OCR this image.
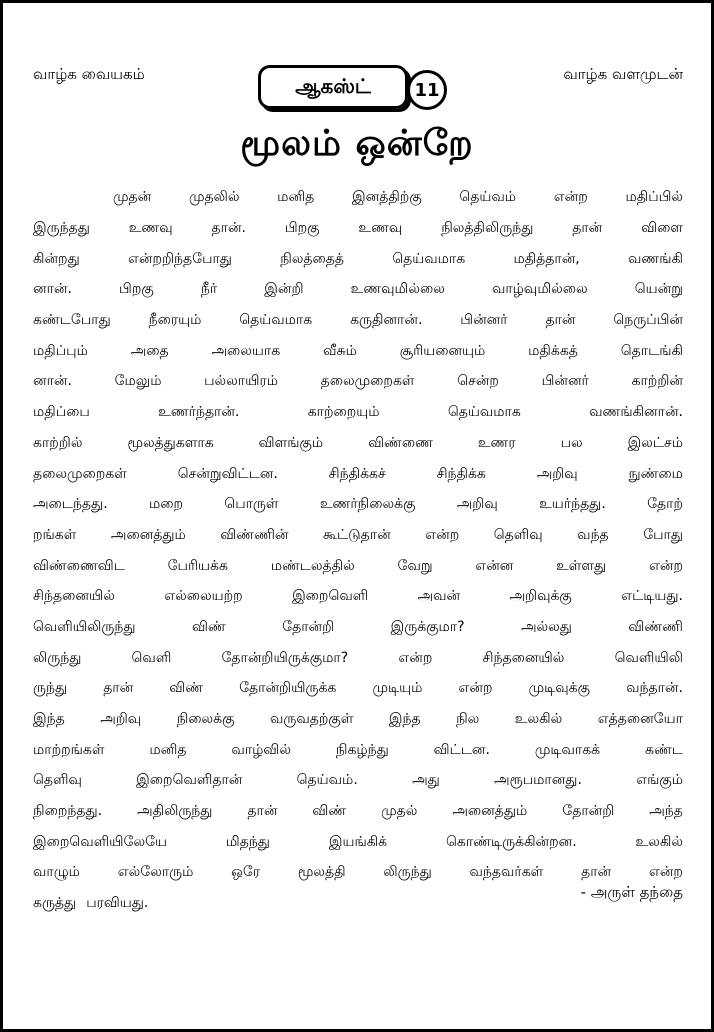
வாழ்க வையகம்	ஆகஸ்ட் 11
வாழ்க வளமுடன்
மூலம் ஒன்றே
முதன்	முதலில்	மனித	இனத்திற்கு	தெய்வம்	என்ற	மதிப்பில்
இருந்தது	உணவு	தான்.	பிறகு	உணவு	நிலத்திலிருந்து	தான்	விளை
கின்றது	என்றறிந்தபோது	நிலத்தைத்	தெய்வமாக	மதித்தான்,	வணங்கி
னான்.	பிறகு	நீர்	இன்றி	உணவுமில்லை	வாழ்வுமில்லை	யென்று
கண்டபோது	நீரையும்	தெய்வமாக	கருதினான்.	பின்னர்	தான்	நெருப்பின்
மதிப்பும்	அதை	அலையாக	வீசும்	சூரியனையும்	மதிக்கத்	தொடங்கி
னான்.	மேலும்	பல்லாயிரம்	தலைமுறைகள்	சென்ற	பின்னர்	காற்றின்
மதிப்பை	உணர்ந்தான்.	காற்றையும்	தெய்வமாக	வணங்கினான்.
காற்றில்	மூலத்துகளாக	விளங்கும்	விண்ணை	உணர	பல	இலட்சம்
தலைமுறைகள்	சென்றுவிட்டன.	சிந்திக்கச்	சிந்திக்க	அறிவு	நுண்மை
அடைந்தது.	மறை	பொருள்	உணர்நிலைக்கு	அறிவு	உயர்ந்தது.	தோற்
றங்கள் அனைத்தும் விண்ணின் கூட்டுதான் என்ற தெளிவு வந்த போது
விண்ணைவிட	பேரியக்க	மண்டலத்தில்	வேறு	என்ன	உள்ளது	என்ற
சிந்தனையில்	எல்லையற்ற	இறைவெளி	அவன்	அறிவுக்கு	எட்டியது.
வெளியிலிருந்து	விண்	தோன்றி	இருக்குமா?	அல்லது	விண்ணி
லிருந்து	வெளி	தோன்றியிருக்குமா?	என்ற	சிந்தனையில்	வெளியிலி
ருந்து	தான்	விண்	தோன்றியிருக்க	முடியும்	என்ற	முடிவுக்கு	வந்தான்.
இந்த	அறிவு	நிலைக்கு	வருவதற்குள்	இந்த	நில	உலகில்	எத்தனையோ
மாற்றங்கள்	மனித	வாழ்வில்	நிகழ்ந்து	விட்டன.	முடிவாகக்	கண்ட
தெளிவு	இறைவெளிதான்	தெய்வம்.	அது	அரூபமானது.	எங்கும்
நிறைந்தது. அதிலிருந்து தான் விண் முதல் அனைத்தும் தோன்றி அந்த
இறைவெளியிலேயே	மிதந்து	இயங்கிக்	கொண்டிருக்கின்றன.	உலகில்
வாழும்	எல்லோரும்	ஒரே	மூலத்தி	லிருந்து	வந்தவர்கள்	தான்	என்ற
கருத்து பரவியது.
- அருள் தந்தை
